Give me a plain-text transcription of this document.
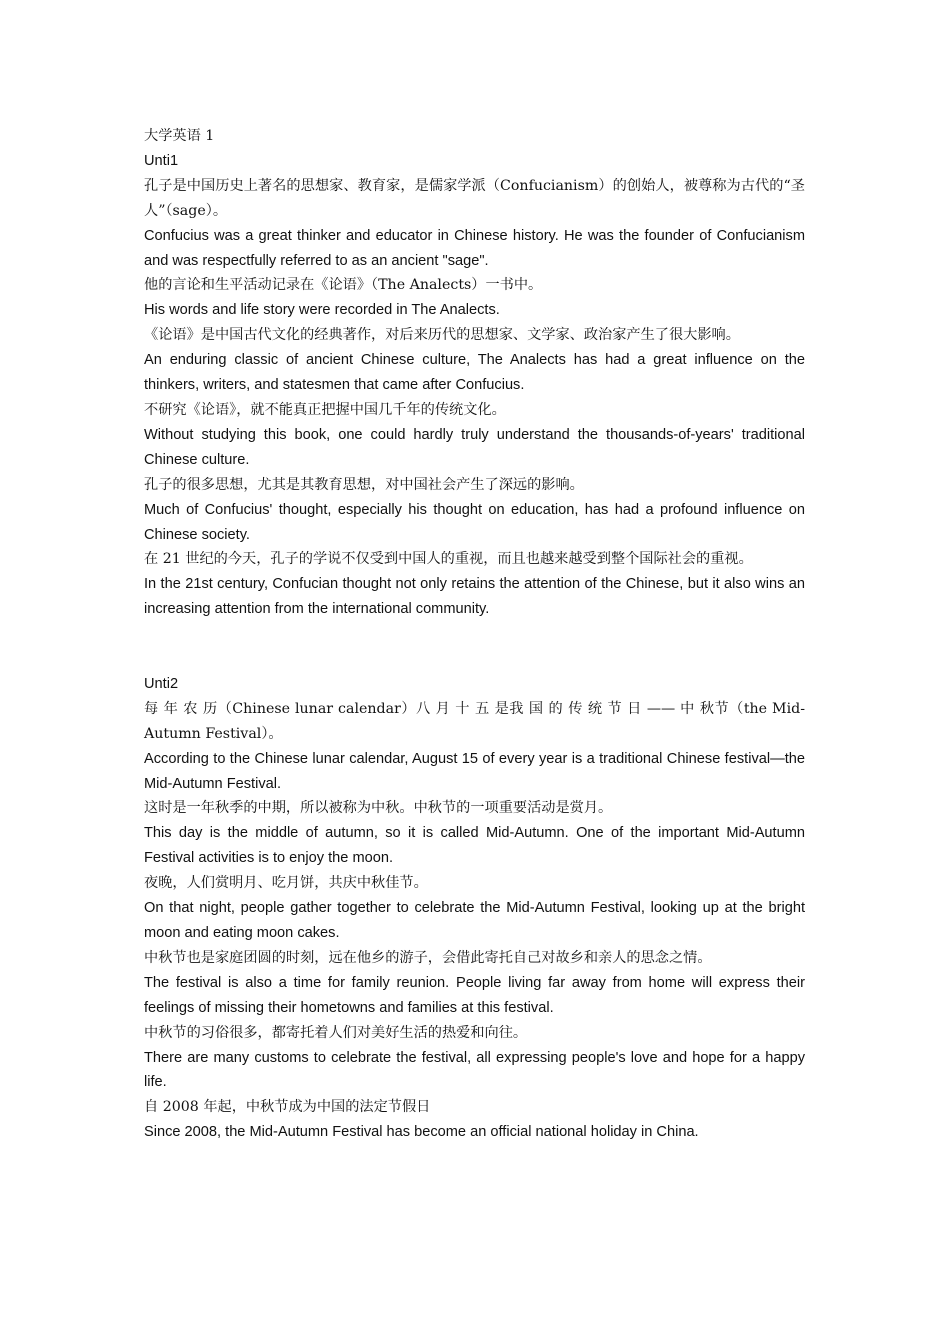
大学英语 1

Unti1

孔子是中国历史上著名的思想家、教育家，是儒家学派（Confucianism）的创始人，被尊称为古代的“圣人”（sage）。

Confucius was a great thinker and educator in Chinese history. He was the founder of Confucianism and was respectfully referred to as an ancient "sage".

他的言论和生平活动记录在《论语》（The Analects）一书中。

His words and life story were recorded in The Analects.

《论语》是中国古代文化的经典著作，对后来历代的思想家、文学家、政治家产生了很大影响。

An enduring classic of ancient Chinese culture, The Analects has had a great influence on the thinkers, writers, and statesmen that came after Confucius.

不研究《论语》，就不能真正把握中国几千年的传统文化。

Without studying this book, one could hardly truly understand the thousands-of-years' traditional Chinese culture.

孔子的很多思想，尤其是其教育思想，对中国社会产生了深远的影响。

Much of Confucius' thought, especially his thought on education, has had a profound influence on Chinese society.

在 21 世纪的今天，孔子的学说不仅受到中国人的重视，而且也越来越受到整个国际社会的重视。

In the 21st century, Confucian thought not only retains the attention of the Chinese, but it also wins an increasing attention from the international community.

Unti2

每 年 农 历（Chinese lunar calendar）八 月 十 五 是我 国 的 传 统 节 日 —— 中 秋节（the Mid-Autumn Festival）。

According to the Chinese lunar calendar, August 15 of every year is a traditional Chinese festival—the Mid-Autumn Festival.

这时是一年秋季的中期，所以被称为中秋。中秋节的一项重要活动是赏月。

This day is the middle of autumn, so it is called Mid-Autumn. One of the important Mid-Autumn Festival activities is to enjoy the moon.

夜晚，人们赏明月、吃月饼，共庆中秋佳节。

On that night, people gather together to celebrate the Mid-Autumn Festival, looking up at the bright moon and eating moon cakes.

中秋节也是家庭团圆的时刻，远在他乡的游子，会借此寄托自己对故乡和亲人的思念之情。

The festival is also a time for family reunion. People living far away from home will express their feelings of missing their hometowns and families at this festival.

中秋节的习俗很多，都寄托着人们对美好生活的热爱和向往。

There are many customs to celebrate the festival, all expressing people's love and hope for a happy life.

自 2008 年起，中秋节成为中国的法定节假日

Since 2008, the Mid-Autumn Festival has become an official national holiday in China.
